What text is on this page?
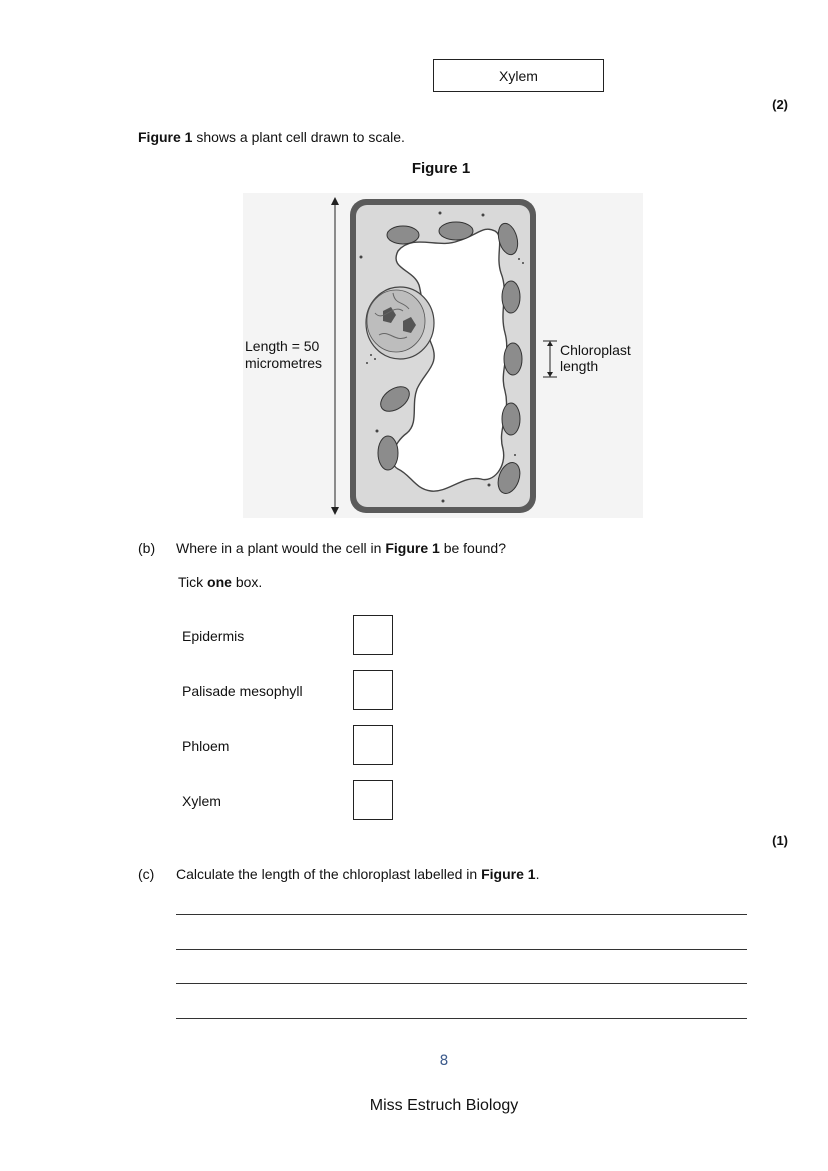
Xylem
(2)
Figure 1 shows a plant cell drawn to scale.
Figure 1
Length = 50
micrometres
Chloroplast
length
(b) Where in a plant would the cell in Figure 1 be found?
Tick one box.
Epidermis
Palisade mesophyll
Phloem
Xylem
(1)
(c) Calculate the length of the chloroplast labelled in Figure 1.
8
Miss Estruch Biology
